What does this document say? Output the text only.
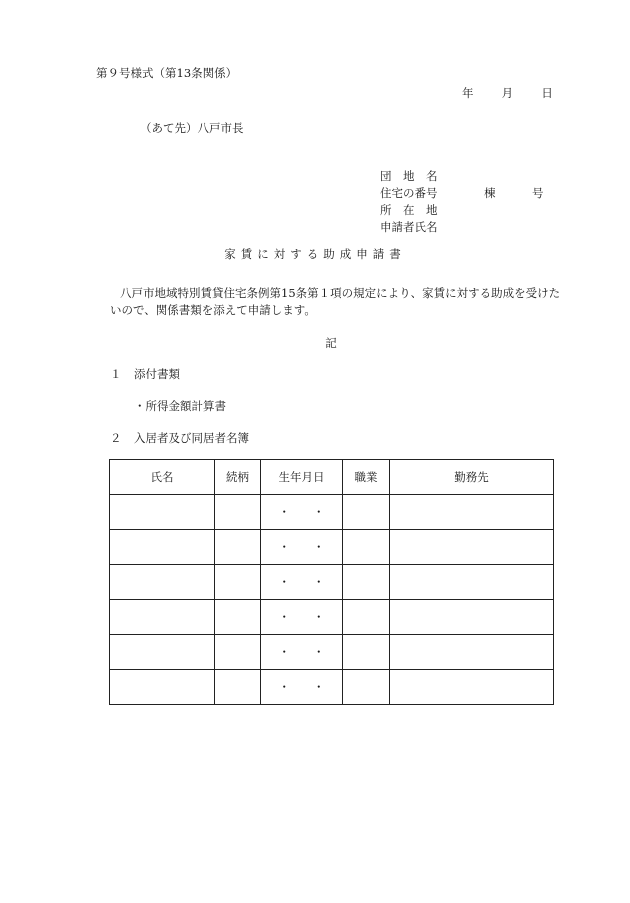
第９号様式（第13条関係）
年 月 日
（あて先）八戸市長
団　地　名
住宅の番号	棟	号
所　在　地
申請者氏名
家賃に対する助成申請書
八戸市地域特別賃貸住宅条例第15条第１項の規定により、家賃に対する助成を受けたいので、関係書類を添えて申請します。
記
１ 添付書類
・所得金額計算書
２ 入居者及び同居者名簿
氏名	続柄	生年月日	職業	勤務先
		・　　・		
		・　　・		
		・　　・		
		・　　・		
		・　　・		
		・　　・		
